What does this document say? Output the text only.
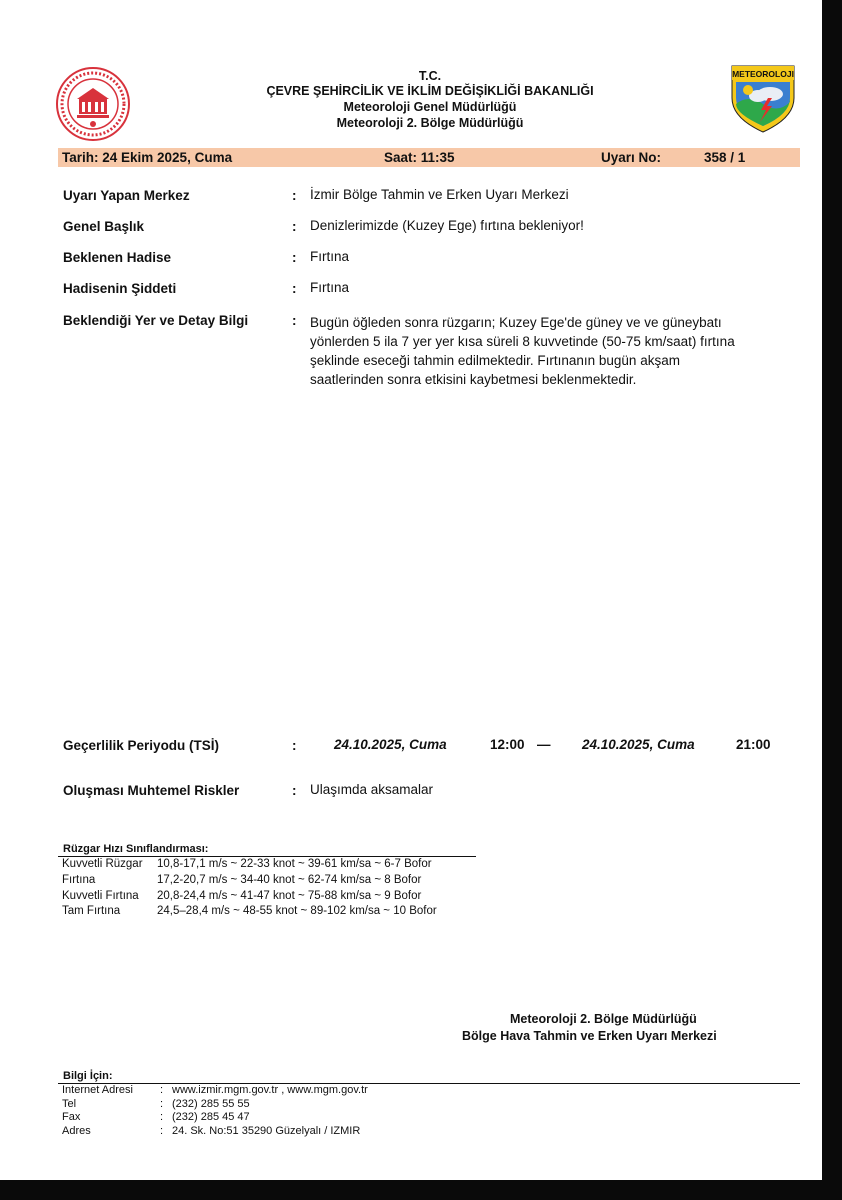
T.C.
ÇEVRE ŞEHİRCİLİK VE İKLİM DEĞİŞİKLİĞİ BAKANLIĞI
Meteoroloji Genel Müdürlüğü
Meteoroloji 2. Bölge Müdürlüğü
METEOROLOJI
Tarih: 24 Ekim 2025, Cuma	Saat: 11:35	Uyarı No:	358 / 1
Uyarı Yapan Merkez	: İzmir Bölge Tahmin ve Erken Uyarı Merkezi
Genel Başlık	: Denizlerimizde (Kuzey Ege) fırtına bekleniyor!
Beklenen Hadise	: Fırtına
Hadisenin Şiddeti	: Fırtına
Beklendiği Yer ve Detay Bilgi	: Bugün öğleden sonra rüzgarın; Kuzey Ege'de güney ve ve güneybatı
yönlerden 5 ila 7 yer yer kısa süreli 8 kuvvetinde (50-75 km/saat) fırtına
şeklinde eseceği tahmin edilmektedir. Fırtınanın bugün akşam
saatlerinden sonra etkisini kaybetmesi beklenmektedir.
Geçerlilik Periyodu (TSİ)	:	24.10.2025, Cuma	12:00 — 24.10.2025, Cuma	21:00
Oluşması Muhtemel Riskler	: Ulaşımda aksamalar
Rüzgar Hızı Sınıflandırması:
Kuvvetli Rüzgar 10,8-17,1 m/s ~ 22-33 knot ~ 39-61 km/sa ~ 6-7 Bofor
Fırtına	17,2-20,7 m/s ~ 34-40 knot ~ 62-74 km/sa ~ 8 Bofor
Kuvvetli Fırtına 20,8-24,4 m/s ~ 41-47 knot ~ 75-88 km/sa ~ 9 Bofor
Tam Fırtına	24,5–28,4 m/s ~ 48-55 knot ~ 89-102 km/sa ~ 10 Bofor
Meteoroloji 2. Bölge Müdürlüğü
Bölge Hava Tahmin ve Erken Uyarı Merkezi
Bilgi İçin:
Internet Adresi : www.izmir.mgm.gov.tr , www.mgm.gov.tr
Tel	: (232) 285 55 55
Fax	: (232) 285 45 47
Adres	: 24. Sk. No:51 35290 Güzelyalı / IZMIR
